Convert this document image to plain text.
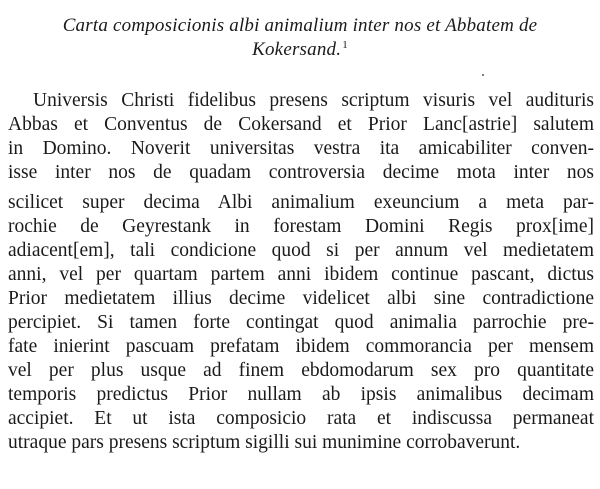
Carta composicionis albi animalium inter nos et Abbatem de
Kokersand.$^1$
Universis Christi fidelibus presens scriptum visuris vel audituris
Abbas et Conventus de Cokersand et Prior Lanc[astrie] salutem
in Domino. Noverit universitas vestra ita amicabiliter conven-
isse inter nos de quadam controversia decime mota inter nos
scilicet super decima Albi animalium exeuncium a meta par-
rochie de Geyrestank in forestam Domini Regis prox[ime]
adiacent[em], tali condicione quod si per annum vel medietatem
anni, vel per quartam partem anni ibidem continue pascant, dictus
Prior medietatem illius decime videlicet albi sine contradictione
percipiet. Si tamen forte contingat quod animalia parrochie pre-
fate inierint pascuam prefatam ibidem commorancia per mensem
vel per plus usque ad finem ebdomodarum sex pro quantitate
temporis predictus Prior nullam ab ipsis animalibus decimam
accipiet. Et ut ista composicio rata et indiscussa permaneat
utraque pars presens scriptum sigilli sui munimine corrobaverunt.
